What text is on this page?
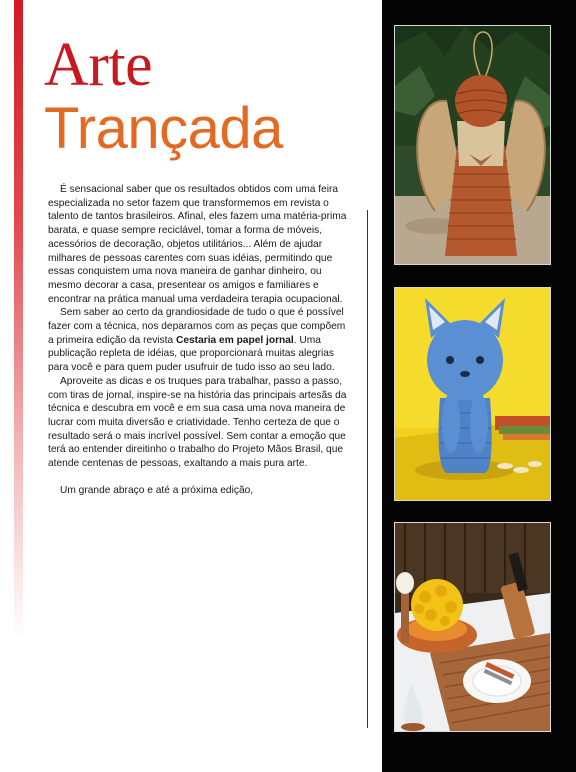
Arte
Trançada

É sensacional saber que os resultados obtidos com uma feira especializada no setor fazem que transformemos em revista o talento de tantos brasileiros. Afinal, eles fazem uma matéria-prima barata, e quase sempre reciclável, tomar a forma de móveis, acessórios de decoração, objetos utilitários... Além de ajudar milhares de pessoas carentes com suas idéias, permitindo que essas conquistem uma nova maneira de ganhar dinheiro, ou mesmo decorar a casa, presentear os amigos e familiares e encontrar na prática manual uma verdadeira terapia ocupacional.

Sem saber ao certo da grandiosidade de tudo o que é possível fazer com a técnica, nos deparamos com as peças que compõem a primeira edição da revista Cestaria em papel jornal. Uma publicação repleta de idéias, que proporcionará muitas alegrias para você e para quem puder usufruir de tudo isso ao seu lado.

Aproveite as dicas e os truques para trabalhar, passo a passo, com tiras de jornal, inspire-se na história das principais artesãs da técnica e descubra em você e em sua casa uma nova maneira de lucrar com muita diversão e criatividade. Tenho certeza de que o resultado será o mais incrível possível. Sem contar a emoção que terá ao entender direitinho o trabalho do Projeto Mãos Brasil, que atende centenas de pessoas, exaltando a mais pura arte.

Um grande abraço e até a próxima edição,
